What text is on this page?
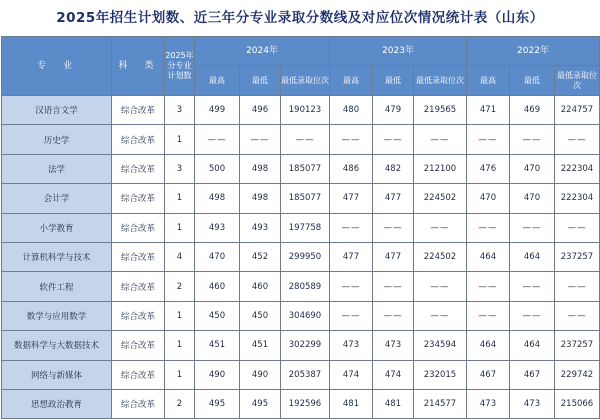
2025年招生计划数、近三年分专业录取分数线及对应位次情况统计表（山东）
专　业	科　类	2025年分专业计划数	2024年			2023年			2022年		
			最高	最低	最低录取位次	最高	最低	最低录取位次	最高	最低	最低录取位次
汉语言文学	综合改革	3	499	496	190123	480	479	219565	471	469	224757
历史学	综合改革	1	——	——	——	——	——	——	——	——	——
法学	综合改革	3	500	498	185077	486	482	212100	476	470	222304
会计学	综合改革	1	498	498	185077	477	477	224502	470	470	222304
小学教育	综合改革	1	493	493	197758	——	——	——	——	——	——
计算机科学与技术	综合改革	4	470	452	299950	477	477	224502	464	464	237257
软件工程	综合改革	2	460	460	280589	——	——	——	——	——	——
数学与应用数学	综合改革	1	450	450	304690	——	——	——	——	——	——
数据科学与大数据技术	综合改革	1	451	451	302299	473	473	234594	464	464	237257
网络与新媒体	综合改革	1	490	490	205387	474	474	232015	467	467	229742
思想政治教育	综合改革	2	495	495	192596	481	481	214577	473	473	215066
